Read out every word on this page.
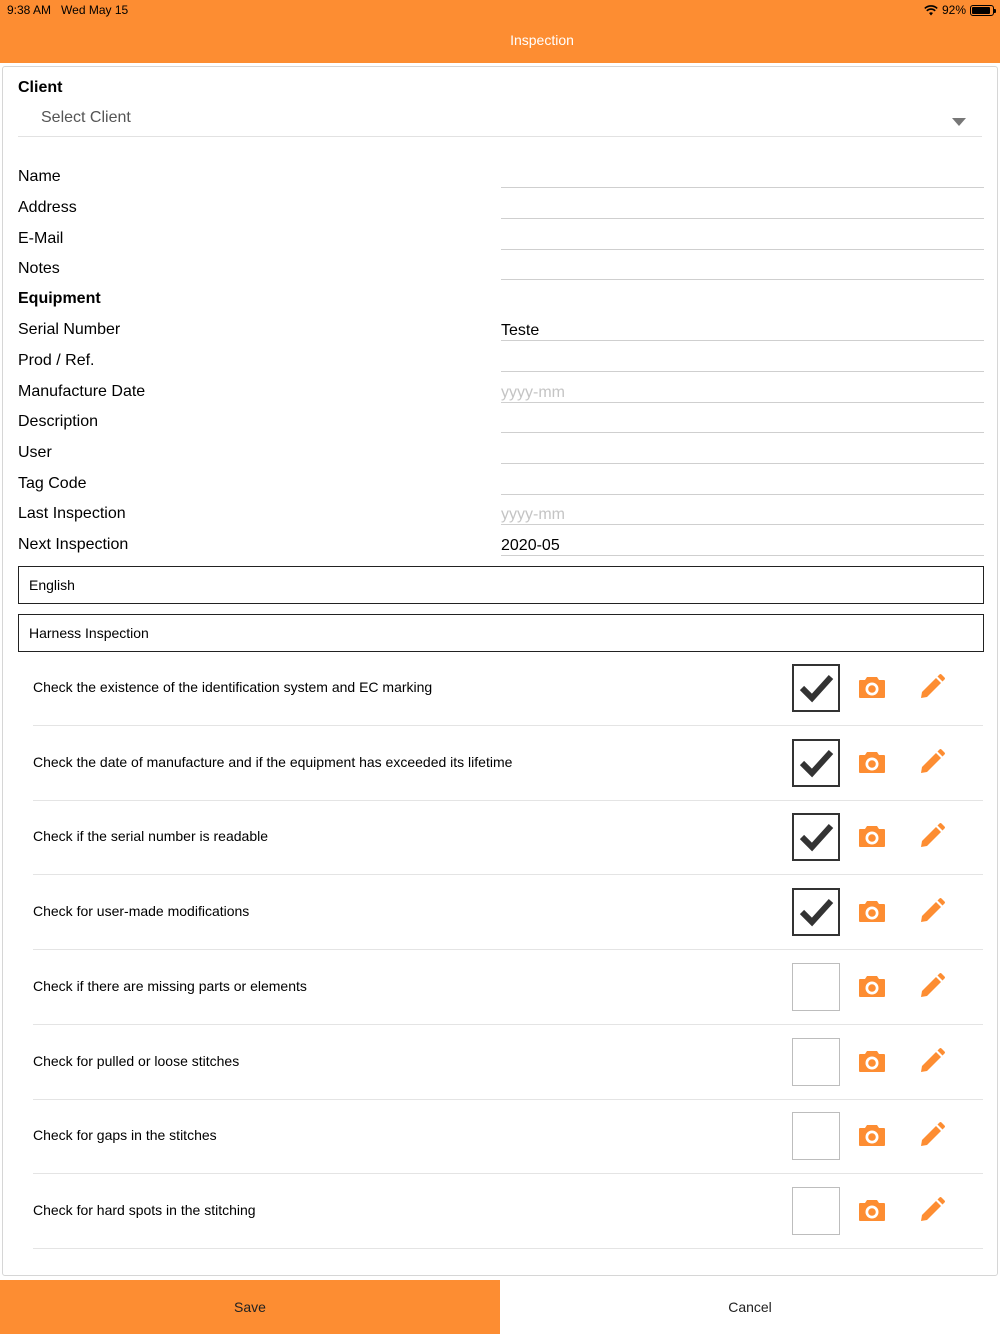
9:38 AM Wed May 15	92%
Inspection
Client
Select Client
Name
Address
E-Mail
Notes
Equipment
Serial Number	Teste
Prod / Ref.
Manufacture Date	yyyy-mm
Description
User
Tag Code
Last Inspection	yyyy-mm
Next Inspection	2020-05
English
Harness Inspection
Check the existence of the identification system and EC marking
Check the date of manufacture and if the equipment has exceeded its lifetime
Check if the serial number is readable
Check for user-made modifications
Check if there are missing parts or elements
Check for pulled or loose stitches
Check for gaps in the stitches
Check for hard spots in the stitching
Save	Cancel
